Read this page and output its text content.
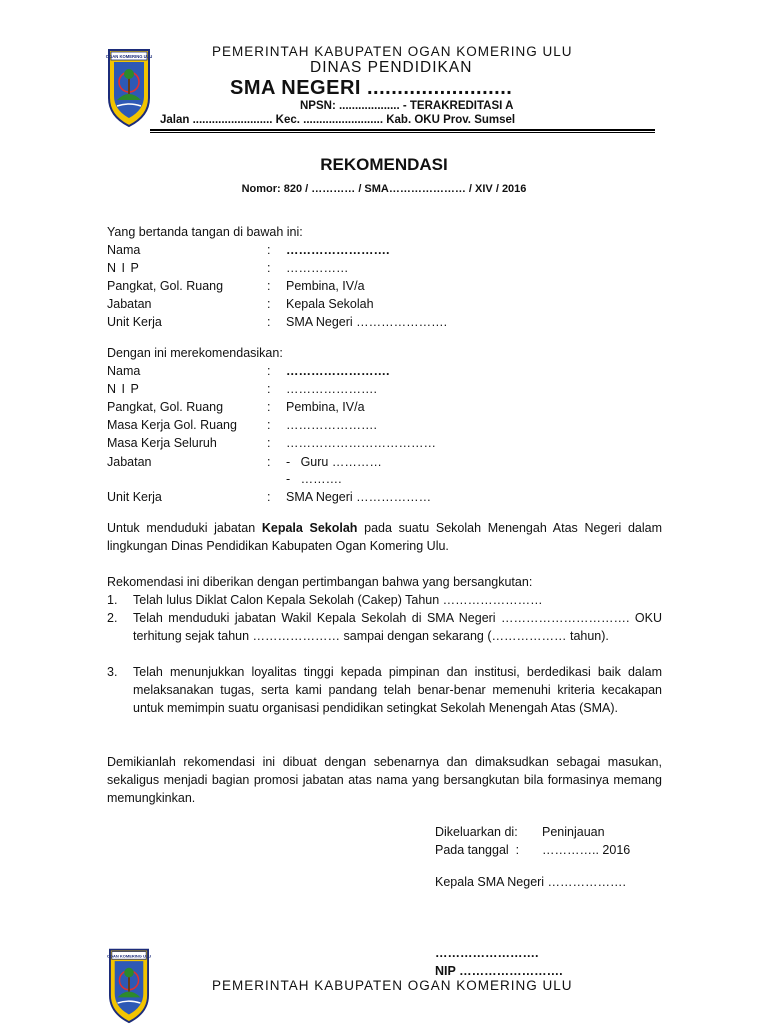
OGAN KOMERING ULU	PEMERINTAH KABUPATEN OGAN KOMERING ULU
DINAS PENDIDIKAN
SMA NEGERI ........................
NPSN: ................... - TERAKREDITASI A
Jalan ......................... Kec. ......................... Kab. OKU Prov. Sumsel
REKOMENDASI
Nomor: 820 / ………… / SMA………………… / XIV / 2016
Yang bertanda tangan di bawah ini:
Nama	: …………………….
N I P	: ……………
Pangkat, Gol. Ruang	: Pembina, IV/a
Jabatan	: Kepala Sekolah
Unit Kerja	: SMA Negeri ………………….
Dengan ini merekomendasikan:
Nama	: …………………….
N I P	: ………………….
Pangkat, Gol. Ruang	: Pembina, IV/a
Masa Kerja Gol. Ruang : ………………….
Masa Kerja Seluruh	: ………………………………
Jabatan	: -   Guru …………
-   ……….
Unit Kerja	: SMA Negeri ………………
Untuk menduduki jabatan Kepala Sekolah pada suatu Sekolah Menengah Atas Negeri dalam lingkungan Dinas Pendidikan Kabupaten Ogan Komering Ulu.
Rekomendasi ini diberikan dengan pertimbangan bahwa yang bersangkutan:
1. Telah lulus Diklat Calon Kepala Sekolah (Cakep) Tahun ……………………
2. Telah menduduki jabatan Wakil Kepala Sekolah di SMA Negeri …………………………. OKU terhitung sejak tahun ………………… sampai dengan sekarang (……………… tahun).
3. Telah menunjukkan loyalitas tinggi kepada pimpinan dan institusi, berdedikasi baik dalam melaksanakan tugas, serta kami pandang telah benar-benar memenuhi kriteria kecakapan untuk memimpin suatu organisasi pendidikan setingkat Sekolah Menengah Atas (SMA).
Demikianlah rekomendasi ini dibuat dengan sebenarnya dan dimaksudkan sebagai masukan, sekaligus menjadi bagian promosi jabatan atas nama yang bersangkutan bila formasinya memang memungkinkan.
Dikeluarkan di: Peninjauan
Pada tanggal  : ………….. 2016
Kepala SMA Negeri ……………….
…………………….
NIP …………………….
OGAN KOMERING ULU
PEMERINTAH KABUPATEN OGAN KOMERING ULU
